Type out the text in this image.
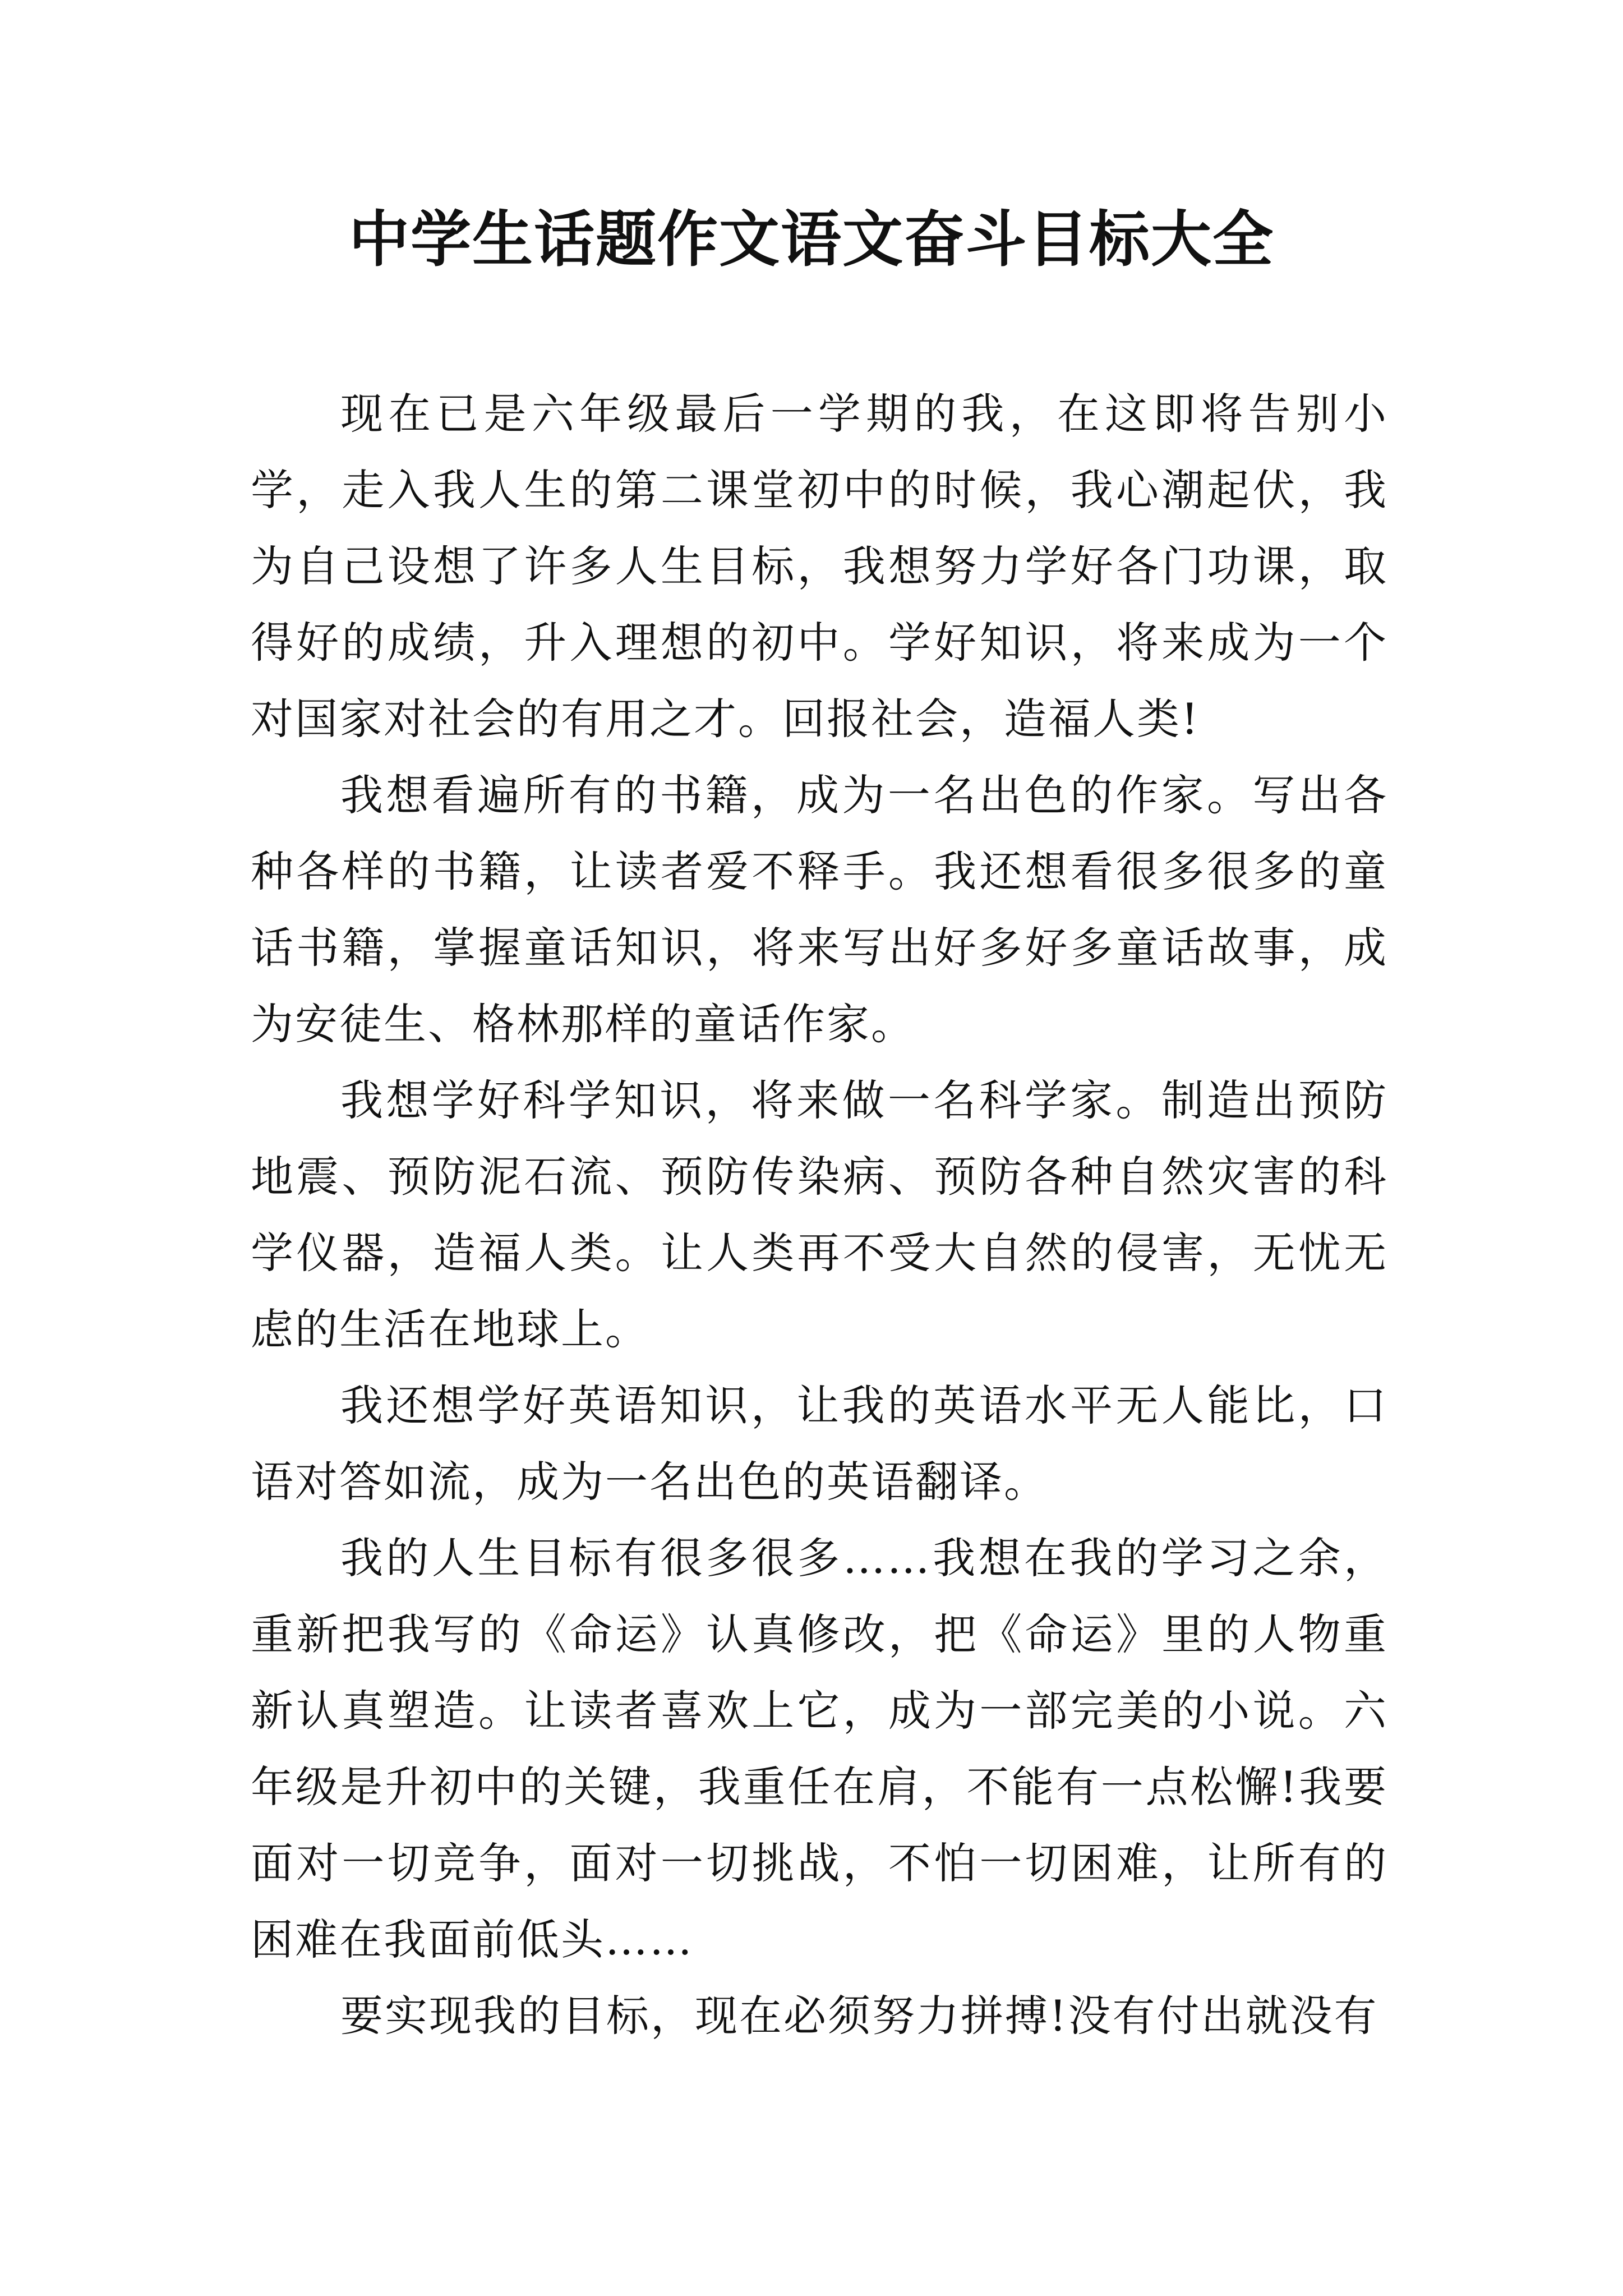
中学生话题作文语文奋斗目标大全

现在已是六年级最后一学期的我，在这即将告别小学，走入我人生的第二课堂初中的时候，我心潮起伏，我为自己设想了许多人生目标，我想努力学好各门功课，取得好的成绩，升入理想的初中。学好知识，将来成为一个对国家对社会的有用之才。回报社会，造福人类!

我想看遍所有的书籍，成为一名出色的作家。写出各种各样的书籍，让读者爱不释手。我还想看很多很多的童话书籍，掌握童话知识，将来写出好多好多童话故事，成为安徒生、格林那样的童话作家。

我想学好科学知识，将来做一名科学家。制造出预防地震、预防泥石流、预防传染病、预防各种自然灾害的科学仪器，造福人类。让人类再不受大自然的侵害，无忧无虑的生活在地球上。

我还想学好英语知识，让我的英语水平无人能比，口语对答如流，成为一名出色的英语翻译。

我的人生目标有很多很多……我想在我的学习之余，重新把我写的《命运》认真修改，把《命运》里的人物重新认真塑造。让读者喜欢上它，成为一部完美的小说。六年级是升初中的关键，我重任在肩，不能有一点松懈!我要面对一切竞争，面对一切挑战，不怕一切困难，让所有的困难在我面前低头……

要实现我的目标，现在必须努力拼搏!没有付出就没有
